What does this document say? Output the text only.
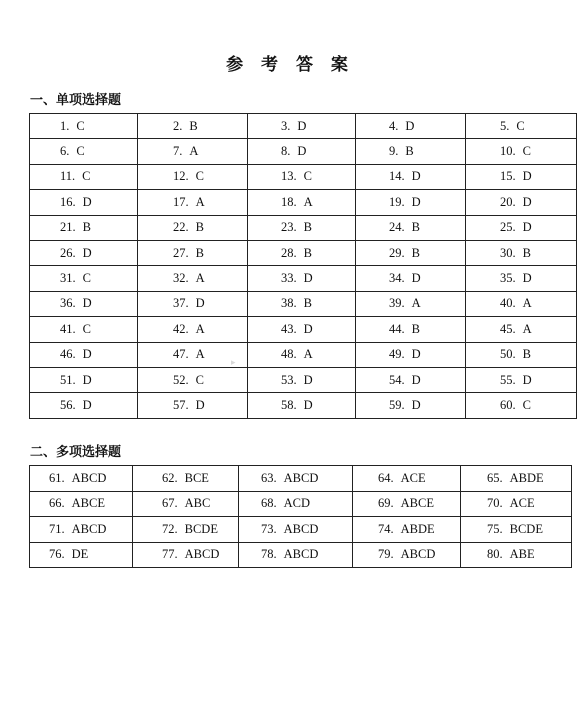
参 考 答 案
一、单项选择题
1. C	2. B	3. D	4. D	5. C

6. C	7. A	8. D	9. B	10. C

11. C	12. C	13. C	14. D	15. D

16. D	17. A	18. A	19. D	20. D

21. B	22. B	23. B	24. B	25. D

26. D	27. B	28. B	29. B	30. B

31. C	32. A	33. D	34. D	35. D

36. D	37. D	38. B	39. A	40. A

41. C	42. A	43. D	44. B	45. A

46. D	47. A	48. A	49. D	50. B

51. D	52. C	53. D	54. D	55. D

56. D	57. D	58. D	59. D	60. C
二、多项选择题
61. ABCD	62. BCE	63. ABCD	64. ACE	65. ABDE

66. ABCE	67. ABC	68. ACD	69. ABCE	70. ACE

71. ABCD	72. BCDE	73. ABCD	74. ABDE	75. BCDE

76. DE	77. ABCD	78. ABCD	79. ABCD	80. ABE
▸
